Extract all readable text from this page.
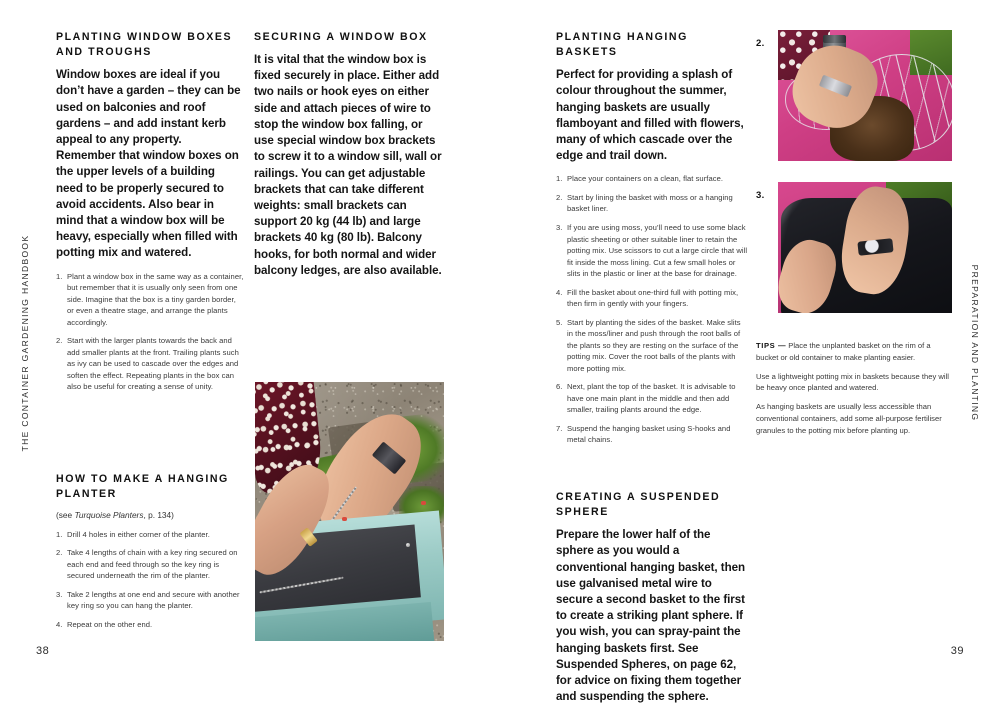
THE CONTAINER GARDENING HANDBOOK	PREPARATION AND PLANTING
38	39
PLANTING WINDOW BOXES AND TROUGHS

Window boxes are ideal if you don’t have a garden – they can be used on balconies and roof gardens – and add instant kerb appeal to any property. Remember that window boxes on the upper levels of a building need to be properly secured to avoid accidents. Also bear in mind that a window box will be heavy, especially when filled with potting mix and watered.

Plant a window box in the same way as a container, but remember that it is usually only seen from one side. Imagine that the box is a tiny garden border, or even a theatre stage, and arrange the plants accordingly.
Start with the larger plants towards the back and add smaller plants at the front. Trailing plants such as ivy can be used to cascade over the edges and soften the effect. Repeating plants in the box can also be useful for creating a sense of unity.
SECURING A WINDOW BOX

It is vital that the window box is fixed securely in place. Either add two nails or hook eyes on either side and attach pieces of wire to stop the window box falling, or use special window box brackets to screw it to a window sill, wall or railings. You can get adjustable brackets that can take different weights: small brackets can support 20 kg (44 lb) and large brackets 40 kg (80 lb). Balcony hooks, for both normal and wider balcony ledges, are also available.

PLANTING HANGING BASKETS

Perfect for providing a splash of colour throughout the summer, hanging baskets are usually flamboyant and filled with flowers, many of which cascade over the edge and trail down.

Place your containers on a clean, flat surface.
Start by lining the basket with moss or a hanging basket liner.
If you are using moss, you’ll need to use some black plastic sheeting or other suitable liner to retain the potting mix. Use scissors to cut a large circle that will fit inside the moss lining. Cut a few small holes or slits in the plastic or liner at the base for drainage.
Fill the basket about one-third full with potting mix, then firm in gently with your fingers.
Start by planting the sides of the basket. Make slits in the moss/liner and push through the root balls of the plants so they are resting on the surface of the potting mix. Cover the root balls of the plants with more potting mix.
Next, plant the top of the basket. It is advisable to have one main plant in the middle and then add smaller, trailing plants around the edge.
Suspend the hanging basket using S-hooks and metal chains.
2.
3.

TIPS — Place the unplanted basket on the rim of a bucket or old container to make planting easier.

Use a lightweight potting mix in baskets because they will be heavy once planted and watered.

As hanging baskets are usually less accessible than conventional containers, add some all-purpose fertiliser granules to the potting mix before planting up.

HOW TO MAKE A HANGING PLANTER

(see Turquoise Planters, p. 134)

Drill 4 holes in either corner of the planter.
Take 4 lengths of chain with a key ring secured on each end and feed through so the key ring is secured underneath the rim of the planter.
Take 2 lengths at one end and secure with another key ring so you can hang the planter.
Repeat on the other end.
CREATING A SUSPENDED SPHERE

Prepare the lower half of the sphere as you would a conventional hanging basket, then use galvanised metal wire to secure a second basket to the first to create a striking plant sphere. If you wish, you can spray-paint the hanging baskets first. See Suspended Spheres, on page 62, for advice on fixing them together and suspending the sphere.
